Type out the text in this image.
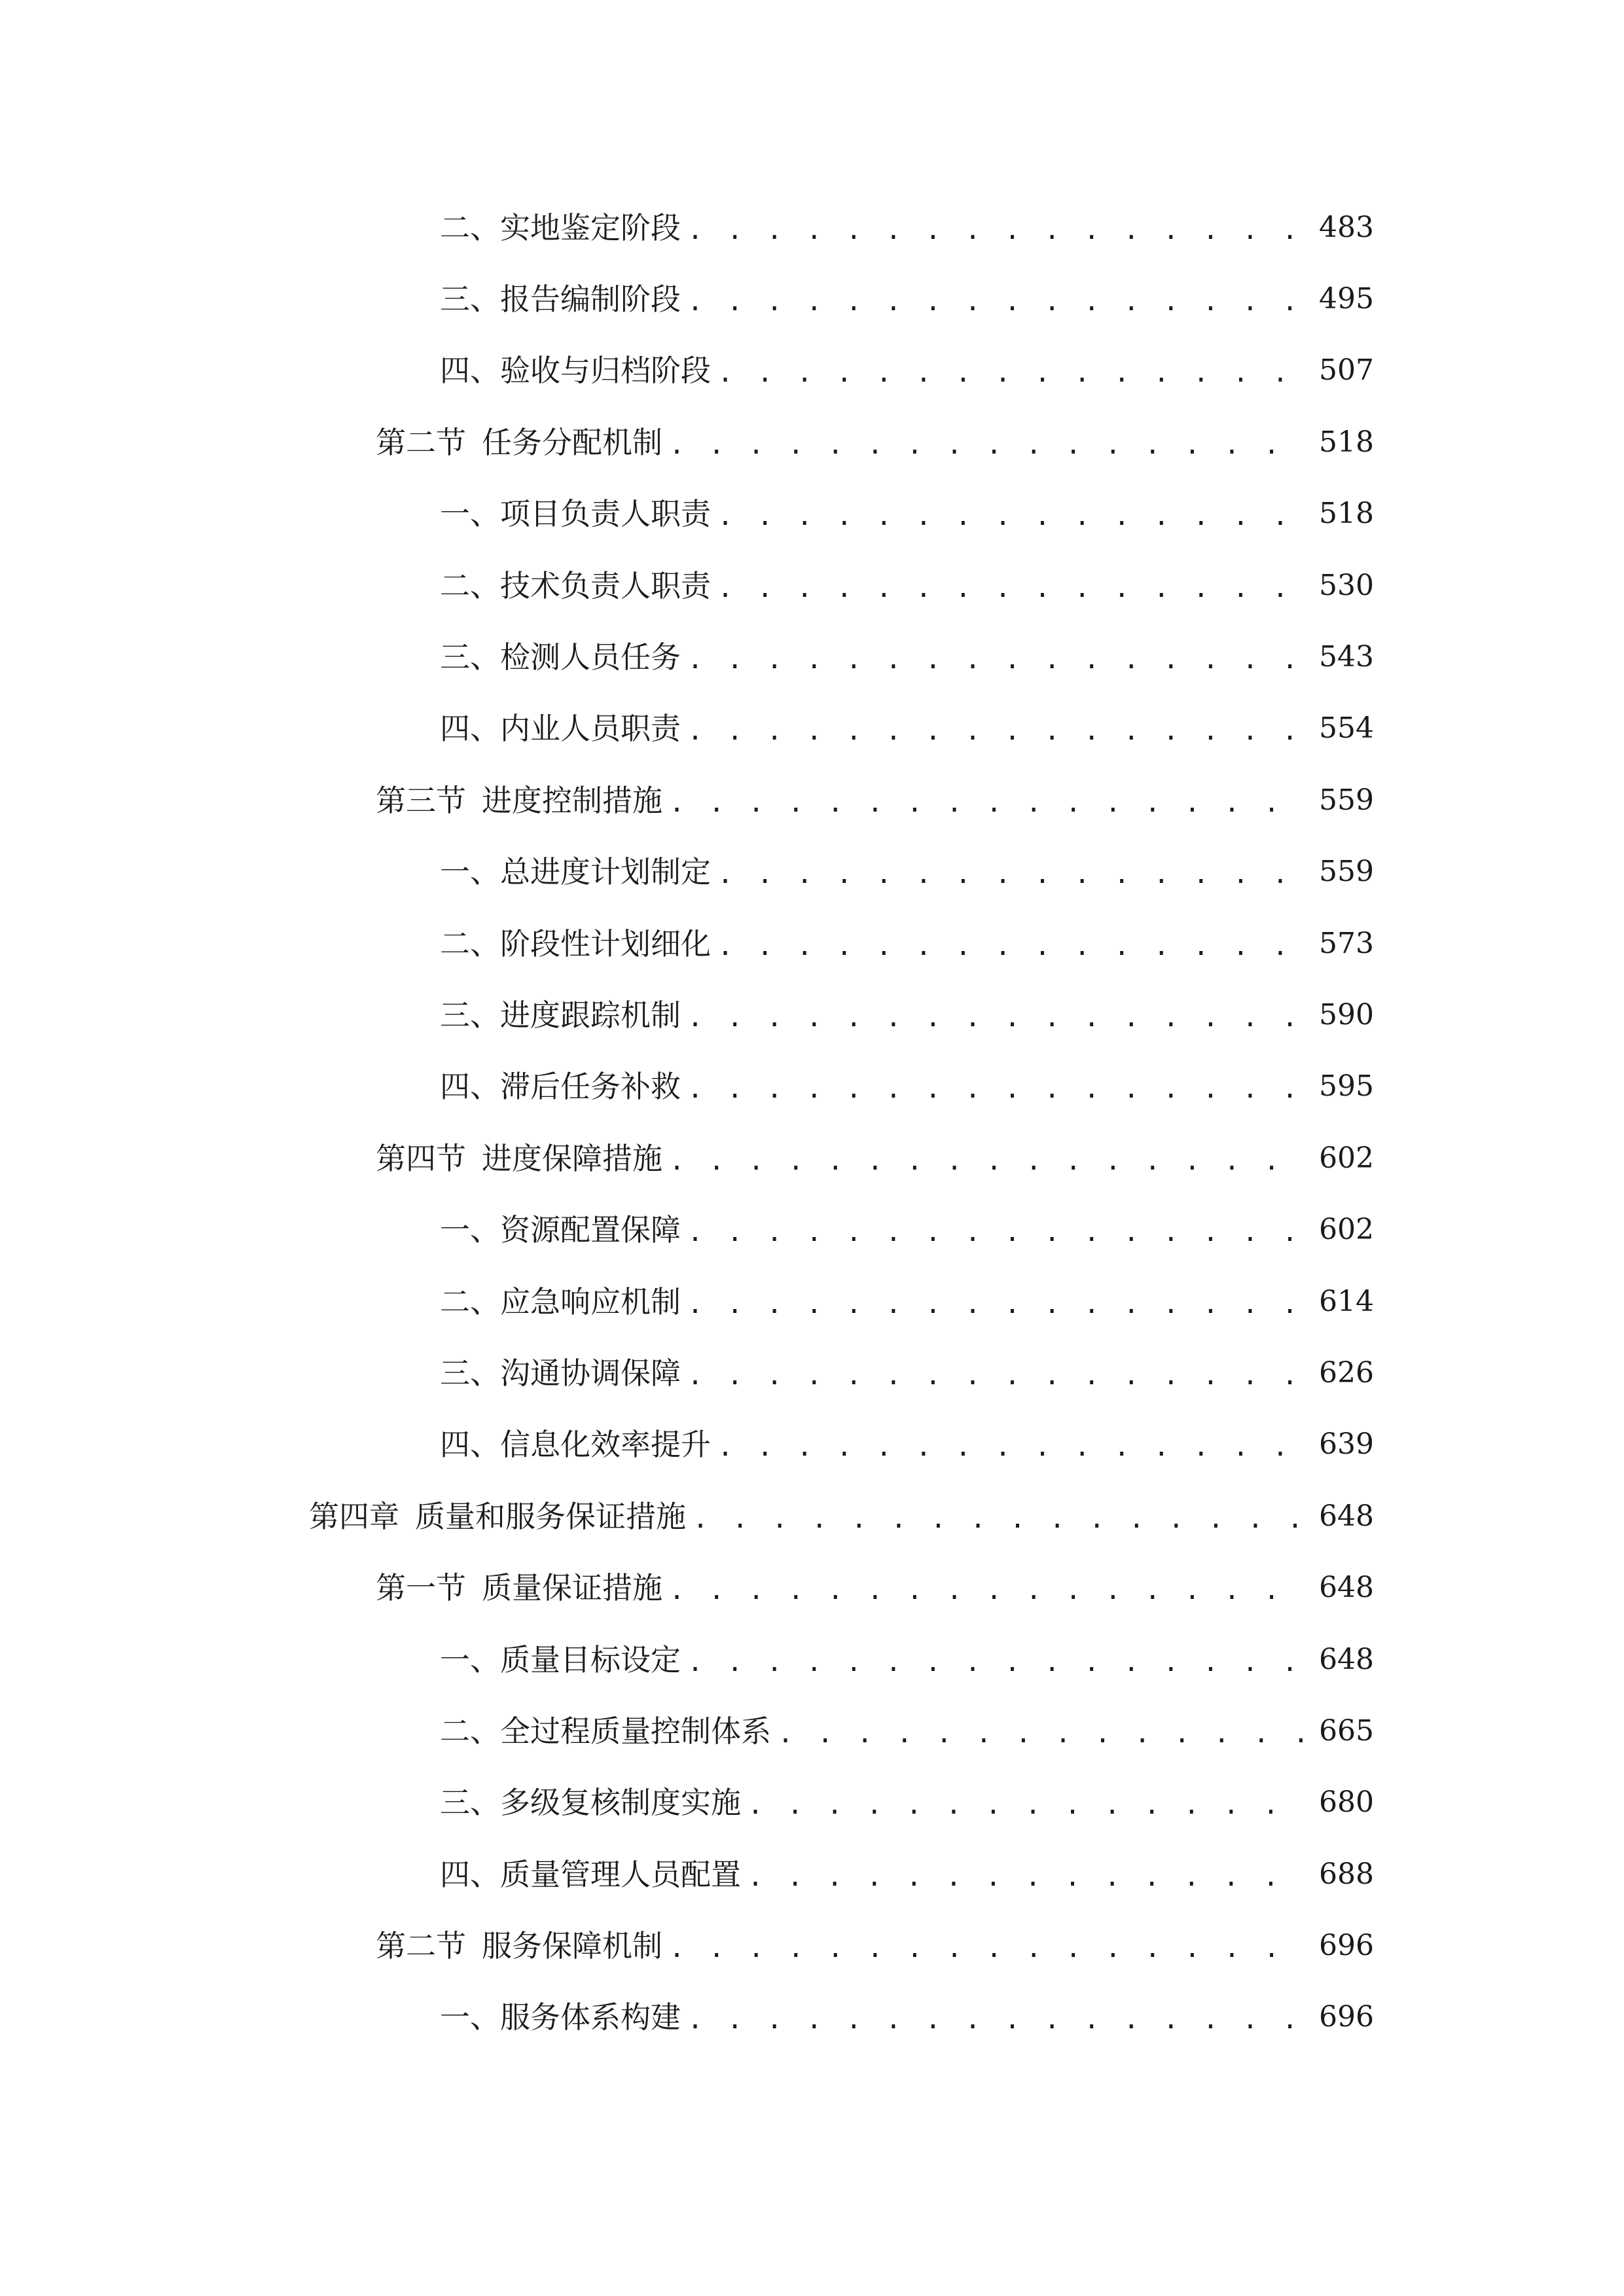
二、 实地鉴定阶段 . . .	483
三、 报告编制阶段 . . .	495
四、 验收与归档阶段 . . .	507
第二节 任务分配机制 . . .	518
一、 项目负责人职责 . . .	518
二、 技术负责人职责 . . .	530
三、 检测人员任务 . . .	543
四、 内业人员职责 . . .	554
第三节 进度控制措施 . . .	559
一、 总进度计划制定 . . .	559
二、 阶段性计划细化 . . .	573
三、 进度跟踪机制 . . .	590
四、 滞后任务补救 . . .	595
第四节 进度保障措施 . . .	602
一、 资源配置保障 . . .	602
二、 应急响应机制 . . .	614
三、 沟通协调保障 . . .	626
四、 信息化效率提升 . . .	639
第四章 质量和服务保证措施 . . .	648
第一节 质量保证措施 . . .	648
一、 质量目标设定 . . .	648
二、 全过程质量控制体系 . . .	665
三、 多级复核制度实施 . . .	680
四、 质量管理人员配置 . . .	688
第二节 服务保障机制 . . .	696
一、 服务体系构建 . . .	696
